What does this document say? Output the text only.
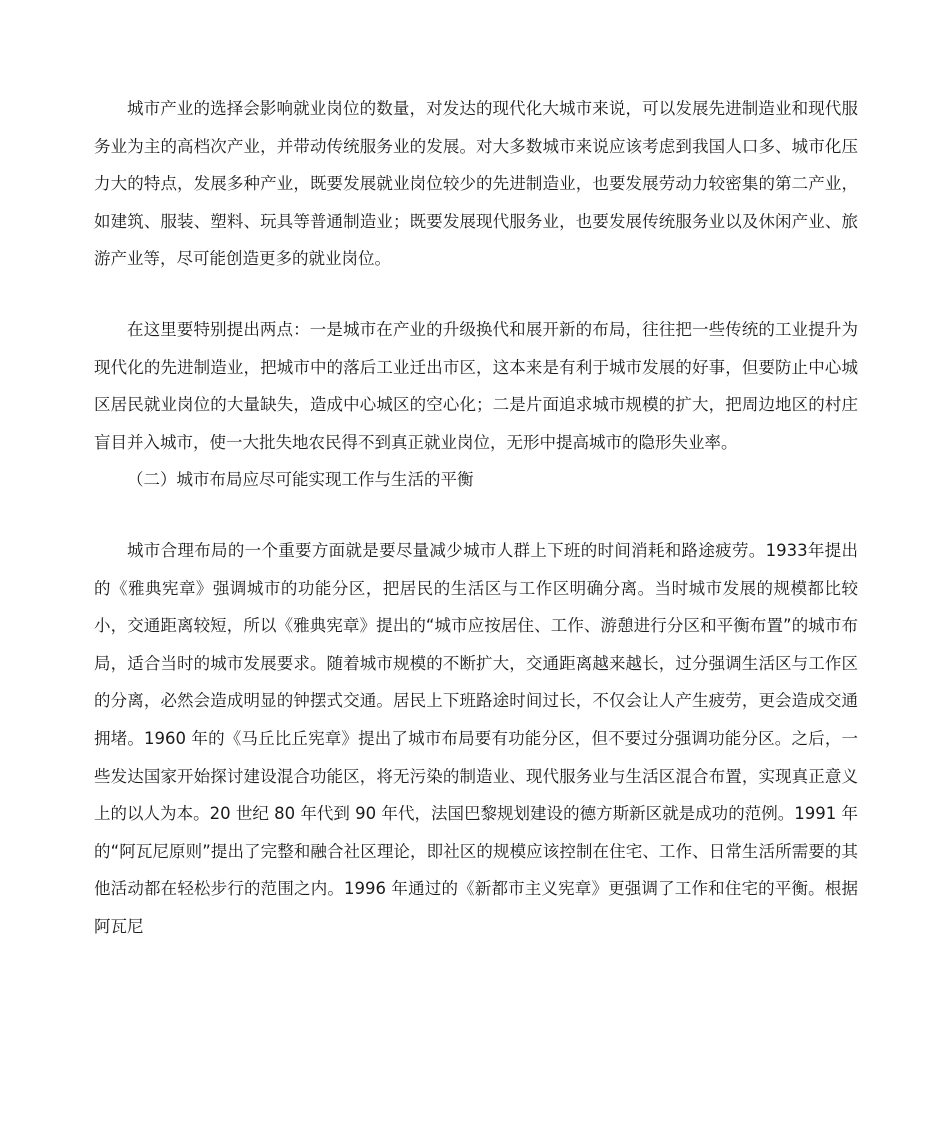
城市产业的选择会影响就业岗位的数量，对发达的现代化大城市来说，可以发展先进制造业和现代服务业为主的高档次产业，并带动传统服务业的发展。对大多数城市来说应该考虑到我国人口多、城市化压力大的特点，发展多种产业，既要发展就业岗位较少的先进制造业，也要发展劳动力较密集的第二产业，如建筑、服装、塑料、玩具等普通制造业；既要发展现代服务业，也要发展传统服务业以及休闲产业、旅游产业等，尽可能创造更多的就业岗位。

在这里要特别提出两点：一是城市在产业的升级换代和展开新的布局，往往把一些传统的工业提升为现代化的先进制造业，把城市中的落后工业迁出市区，这本来是有利于城市发展的好事，但要防止中心城区居民就业岗位的大量缺失，造成中心城区的空心化；二是片面追求城市规模的扩大，把周边地区的村庄盲目并入城市，使一大批失地农民得不到真正就业岗位，无形中提高城市的隐形失业率。

（二）城市布局应尽可能实现工作与生活的平衡

城市合理布局的一个重要方面就是要尽量减少城市人群上下班的时间消耗和路途疲劳。1933年提出的《雅典宪章》强调城市的功能分区，把居民的生活区与工作区明确分离。当时城市发展的规模都比较小，交通距离较短，所以《雅典宪章》提出的“城市应按居住、工作、游憩进行分区和平衡布置”的城市布局，适合当时的城市发展要求。随着城市规模的不断扩大，交通距离越来越长，过分强调生活区与工作区的分离，必然会造成明显的钟摆式交通。居民上下班路途时间过长，不仅会让人产生疲劳，更会造成交通拥堵。1960 年的《马丘比丘宪章》提出了城市布局要有功能分区，但不要过分强调功能分区。之后，一些发达国家开始探讨建设混合功能区，将无污染的制造业、现代服务业与生活区混合布置，实现真正意义上的以人为本。20 世纪 80 年代到 90 年代，法国巴黎规划建设的德方斯新区就是成功的范例。1991 年的“阿瓦尼原则”提出了完整和融合社区理论，即社区的规模应该控制在住宅、工作、日常生活所需要的其他活动都在轻松步行的范围之内。1996 年通过的《新都市主义宪章》更强调了工作和住宅的平衡。根据阿瓦尼
